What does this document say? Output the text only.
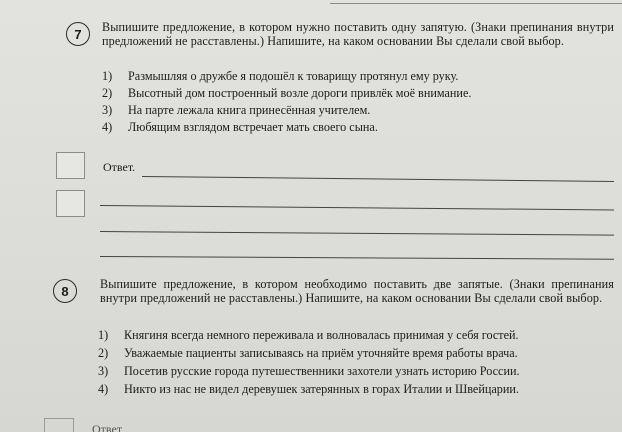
7	Выпишите предложение, в котором нужно поставить одну запятую. (Знаки препинания внутри предложений не расставлены.) Напишите, на каком основании Вы сделали свой выбор.
1)	Размышляя о дружбе я подошёл к товарищу протянул ему руку.
2)	Высотный дом построенный возле дороги привлёк моё внимание.
3)	На парте лежала книга принесённая учителем.
4)	Любящим взглядом встречает мать своего сына.
Ответ.
8	Выпишите предложение, в котором необходимо поставить две запятые. (Знаки препинания внутри предложений не расставлены.) Напишите, на каком основании Вы сделали свой выбор.
1)	Княгиня всегда немного переживала и волновалась принимая у себя гостей.
2)	Уважаемые пациенты записываясь на приём уточняйте время работы врача.
3)	Посетив русские города путешественники захотели узнать историю России.
4)	Никто из нас не видел деревушек затерянных в горах Италии и Швейцарии.
Ответ
